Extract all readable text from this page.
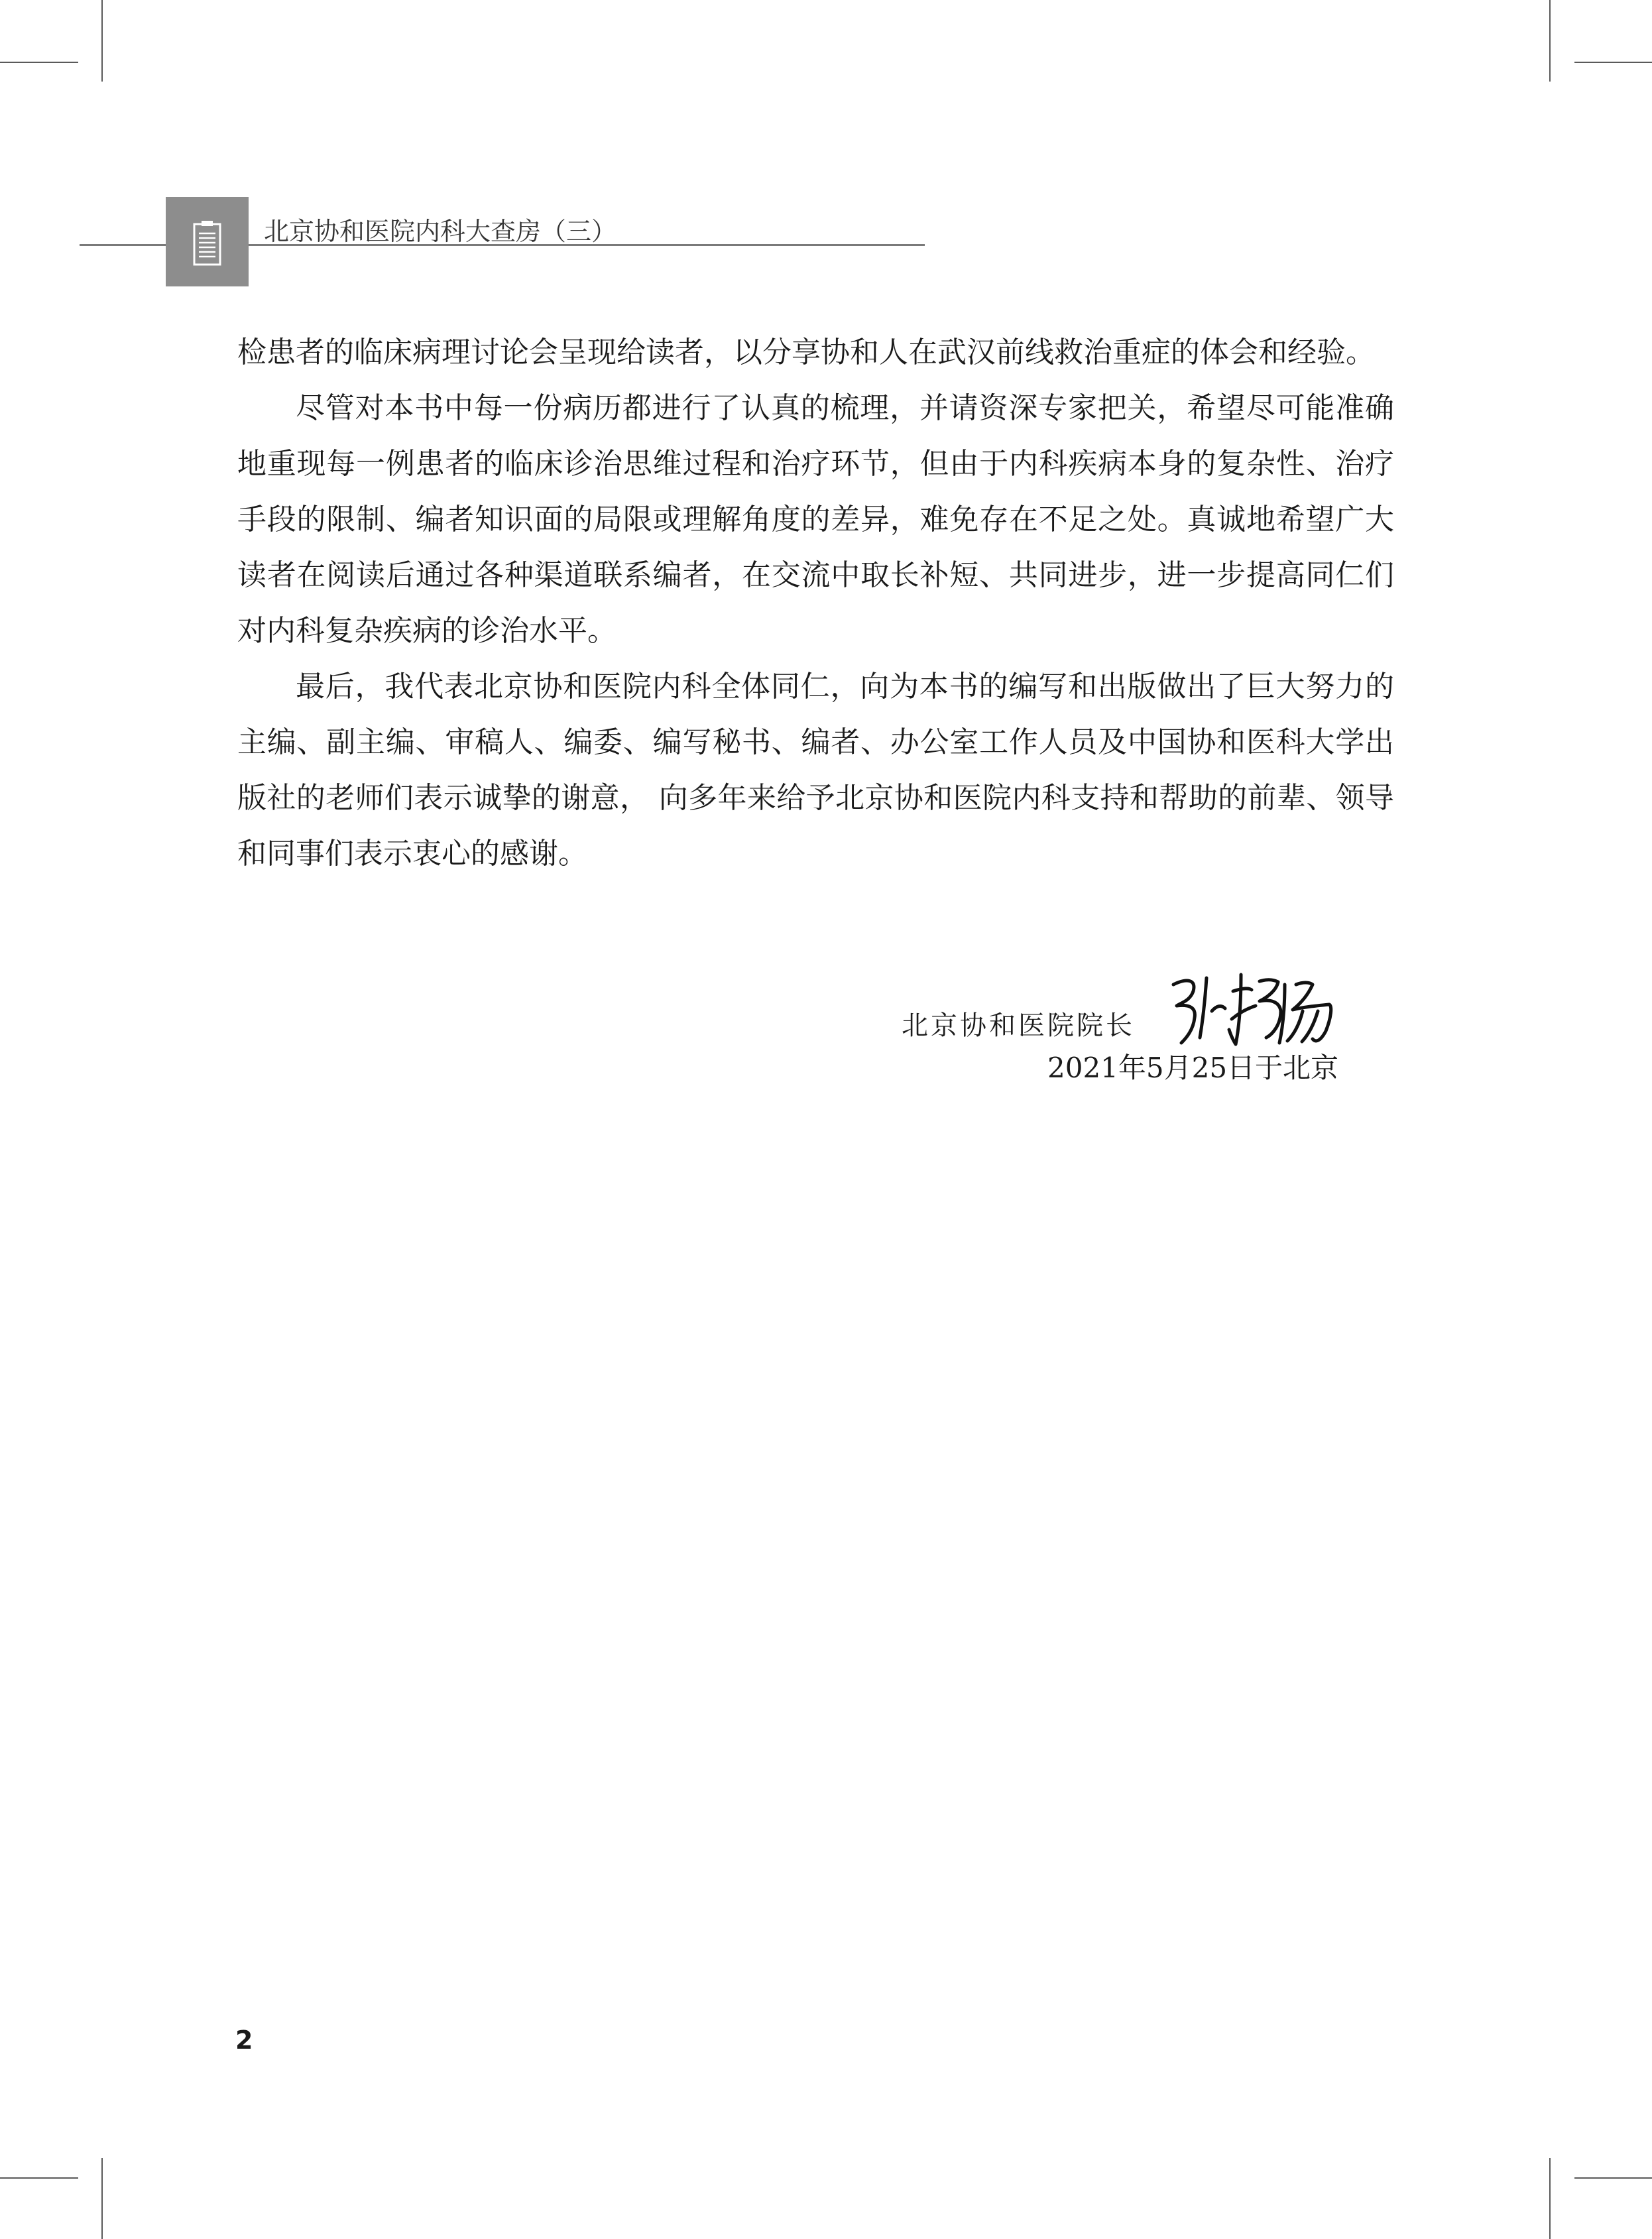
北京协和医院内科大查房（三）

检患者的临床病理讨论会呈现给读者，以分享协和人在武汉前线救治重症的体会和经验。

尽管对本书中每一份病历都进行了认真的梳理，并请资深专家把关，希望尽可能准确地重现每一例患者的临床诊治思维过程和治疗环节，但由于内科疾病本身的复杂性、治疗手段的限制、编者知识面的局限或理解角度的差异，难免存在不足之处。真诚地希望广大读者在阅读后通过各种渠道联系编者，在交流中取长补短、共同进步，进一步提高同仁们对内科复杂疾病的诊治水平。

最后，我代表北京协和医院内科全体同仁，向为本书的编写和出版做出了巨大努力的主编、副主编、审稿人、编委、编写秘书、编者、办公室工作人员及中国协和医科大学出版社的老师们表示诚挚的谢意， 向多年来给予北京协和医院内科支持和帮助的前辈、领导和同事们表示衷心的感谢。

北京协和医院院长
2021年5月25日于北京
2
